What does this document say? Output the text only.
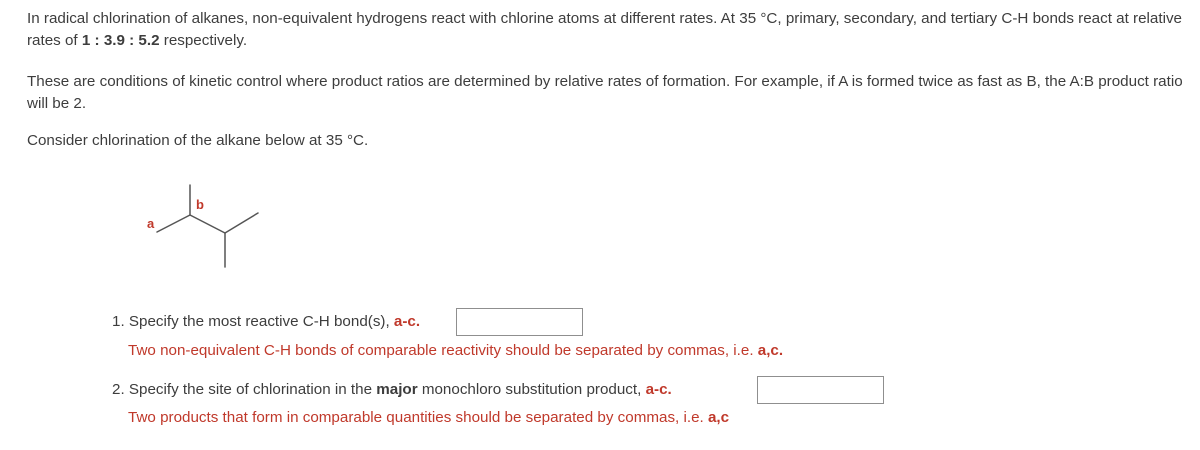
In radical chlorination of alkanes, non-equivalent hydrogens react with chlorine atoms at different rates. At 35 °C, primary, secondary, and tertiary C-H bonds react at relative rates of 1 : 3.9 : 5.2 respectively.

These are conditions of kinetic control where product ratios are determined by relative rates of formation. For example, if A is formed twice as fast as B, the A:B product ratio will be 2.

Consider chlorination of the alkane below at 35 °C.

a
b
1. Specify the most reactive C-H bond(s), a-c.
Two non-equivalent C-H bonds of comparable reactivity should be separated by commas, i.e. a,c.
2. Specify the site of chlorination in the major monochloro substitution product, a-c.
Two products that form in comparable quantities should be separated by commas, i.e. a,c
